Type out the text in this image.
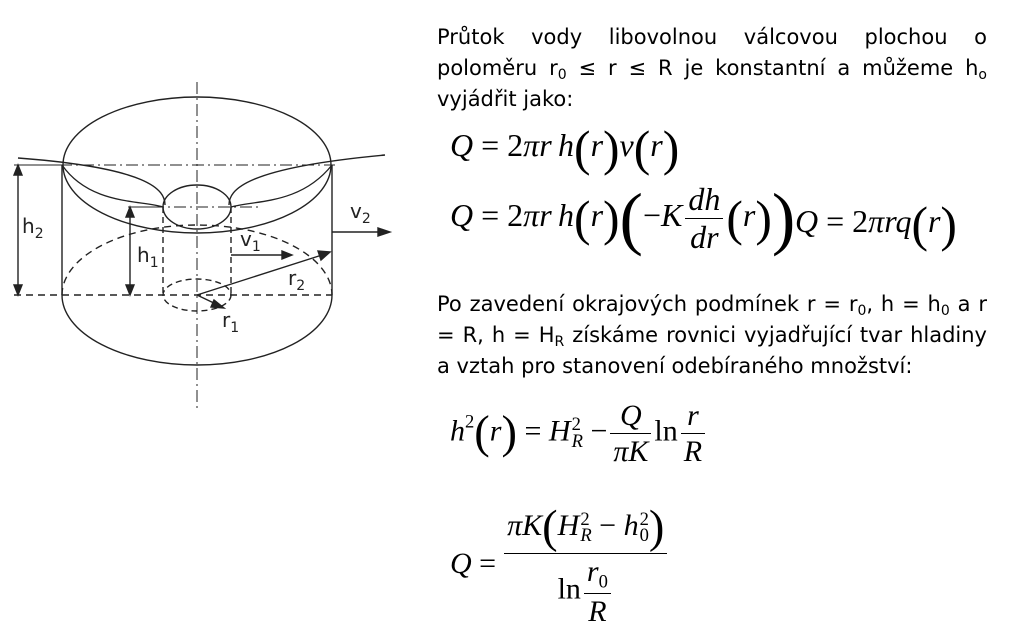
$h_2$
$h_1$
$v_2$
$v_1$
$r_2$
$r_1$
Průtok vody libovolnou válcovou plochou o poloměru $r_0 \le r \le R$ je konstantní a můžeme $h_o$ vyjádřit jako:
Q = 2πr  h(r)v(r)
Q = 2πr  $h(r)(-K \frac{dh}{dr} (r))$ Q = 2πrq(r)
Po zavedení okrajových podmínek $r = r_0$, $h = h_0$ a r = R, $h = H_R$ získáme rovnici vyjadřující tvar hladiny a vztah pro stanovení odebíraného množství:
$h^2(r) = H$ 2
$R - \frac{Q}{\pi K}$ $\ln \frac{r}{R}$
Q = πK(H 2
R − h 2
0 )
$\ln \frac{r_0}{R}$
